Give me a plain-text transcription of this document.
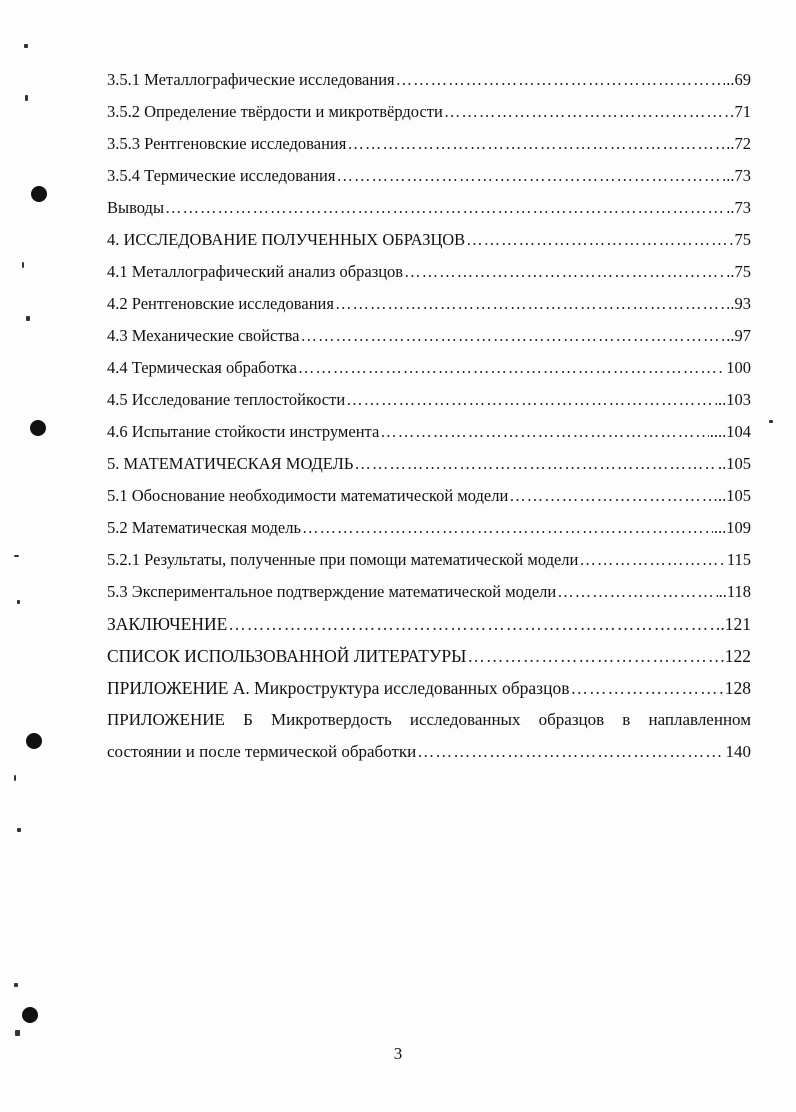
3.5.1 Металлографические исследования ……………………………………………………………………………………………………………………………………………………………………………………………	..69
3.5.2 Определение твёрдости и микротвёрдости ……………………………………………………………………………………………………………………………………………………………………………………………	71
3.5.3 Рентгеновские исследования ……………………………………………………………………………………………………………………………………………………………………………………………	..72
3.5.4 Термические исследования ……………………………………………………………………………………………………………………………………………………………………………………………	..73
Выводы ……………………………………………………………………………………………………………………………………………………………………………………………	..73
4. ИССЛЕДОВАНИЕ ПОЛУЧЕННЫХ ОБРАЗЦОВ ……………………………………………………………………………………………………………………………………………………………………………………………	75
4.1 Металлографический анализ образцов ……………………………………………………………………………………………………………………………………………………………………………………………	..75
4.2 Рентгеновские исследования ……………………………………………………………………………………………………………………………………………………………………………………………	.93
4.3 Механические свойства ……………………………………………………………………………………………………………………………………………………………………………………………	..97
4.4 Термическая обработка ……………………………………………………………………………………………………………………………………………………………………………………………	100
4.5 Исследование теплостойкости ……………………………………………………………………………………………………………………………………………………………………………………………	..103
4.6 Испытание стойкости инструмента ……………………………………………………………………………………………………………………………………………………………………………………………	....104
5. МАТЕМАТИЧЕСКАЯ МОДЕЛЬ ……………………………………………………………………………………………………………………………………………………………………………………………	..105
5.1 Обоснование необходимости математической модели ……………………………………………………………………………………………………………………………………………………………………………………………	..105
5.2 Математическая модель ……………………………………………………………………………………………………………………………………………………………………………………………	...109
5.2.1 Результаты, полученные при помощи математической модели ……………………………………………………………………………………………………………………………………………………………………………………………	115
5.3 Экспериментальное подтверждение математической модели ……………………………………………………………………………………………………………………………………………………………………………………………	..118
ЗАКЛЮЧЕНИЕ ……………………………………………………………………………………………………………………………………………………………………………………………	.121
СПИСОК ИСПОЛЬЗОВАННОЙ ЛИТЕРАТУРЫ ……………………………………………………………………………………………………………………………………………………………………………………………	122
ПРИЛОЖЕНИЕ А. Микроструктура исследованных образцов ……………………………………………………………………………………………………………………………………………………………………………………………	128
ПРИЛОЖЕНИЕ Б Микротвердость исследованных образцов в наплавленном
состоянии и после термической обработки ……………………………………………………………………………………………………………………………………………………………………………………………	140
3
